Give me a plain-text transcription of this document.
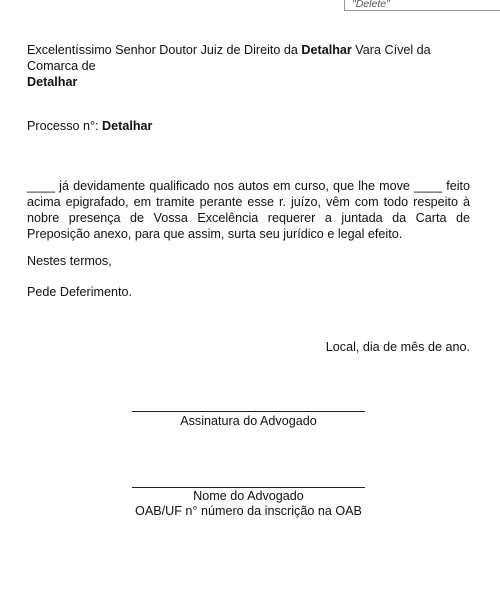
"Delete"
Excelentíssimo Senhor Doutor Juiz de Direito da Detalhar Vara Cível da Comarca de
Detalhar
Processo n°: Detalhar
____ já devidamente qualificado nos autos em curso, que lhe move ____ feito acima epigrafado, em tramite perante esse r. juízo, vêm com todo respeito à nobre presença de Vossa Excelência requerer a juntada da Carta de Preposição anexo, para que assim, surta seu jurídico e legal efeito.
Nestes termos,
Pede Deferimento.
Local, dia de mês de ano.
Assinatura do Advogado
Nome do Advogado
OAB/UF n° número da inscrição na OAB
